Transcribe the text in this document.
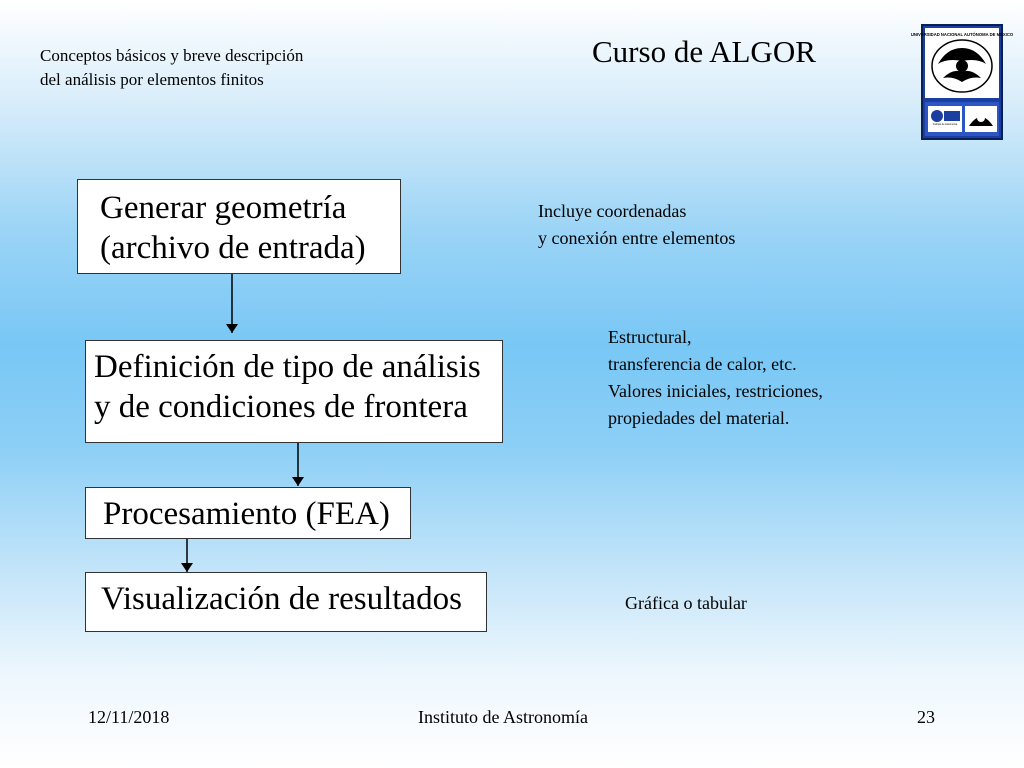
Conceptos básicos y breve descripción
del análisis por elementos finitos
Curso de ALGOR	UNIVERSIDAD NACIONAL AUTÓNOMA DE MÉXICO
UNAM
Instituto de Astronomía
Generar geometría
(archivo de entrada)
Definición de tipo de análisis
y de condiciones de frontera
Procesamiento (FEA)
Visualización de resultados
Incluye coordenadas
y conexión entre elementos
Estructural,
transferencia de calor, etc.
Valores iniciales, restriciones,
propiedades del material.
Gráfica o tabular
12/11/2018	Instituto de Astronomía	23
